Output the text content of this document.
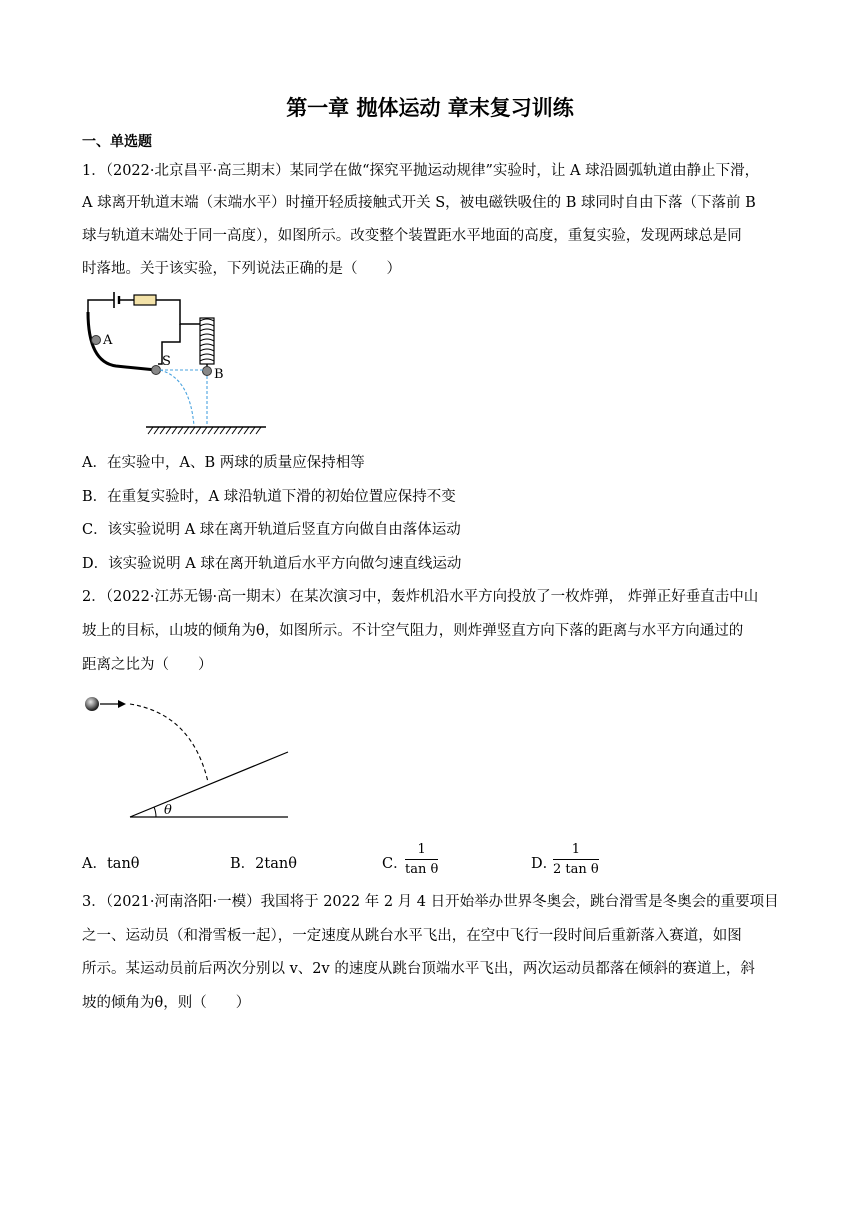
第一章 抛体运动 章末复习训练
一、单选题
1．（2022·北京昌平·高三期末）某同学在做“探究平抛运动规律”实验时，让 A 球沿圆弧轨道由静止下滑，
A 球离开轨道末端（末端水平）时撞开轻质接触式开关 S，被电磁铁吸住的 B 球同时自由下落（下落前 B
球与轨道末端处于同一高度），如图所示。改变整个装置距水平地面的高度，重复实验，发现两球总是同
时落地。关于该实验，下列说法正确的是（　　）
A
S
B
A．在实验中，A、B 两球的质量应保持相等
B．在重复实验时，A 球沿轨道下滑的初始位置应保持不变
C．该实验说明 A 球在离开轨道后竖直方向做自由落体运动
D．该实验说明 A 球在离开轨道后水平方向做匀速直线运动
2．（2022·江苏无锡·高一期末）在某次演习中，轰炸机沿水平方向投放了一枚炸弹， 炸弹正好垂直击中山
坡上的目标，山坡的倾角为θ，如图所示。不计空气阻力，则炸弹竖直方向下落的距离与水平方向通过的
距离之比为（　　）
θ
A．tanθ	B．2tanθ	C．
$\frac{1}{\text{tan θ}}$	D．
$\frac{1}{\text{2 tan θ}}$
3．（2021·河南洛阳·一模）我国将于 2022 年 2 月 4 日开始举办世界冬奥会，跳台滑雪是冬奥会的重要项目
之一、运动员（和滑雪板一起），一定速度从跳台水平飞出，在空中飞行一段时间后重新落入赛道，如图
所示。某运动员前后两次分别以 v、2v 的速度从跳台顶端水平飞出，两次运动员都落在倾斜的赛道上，斜
坡的倾角为θ，则（　　）
